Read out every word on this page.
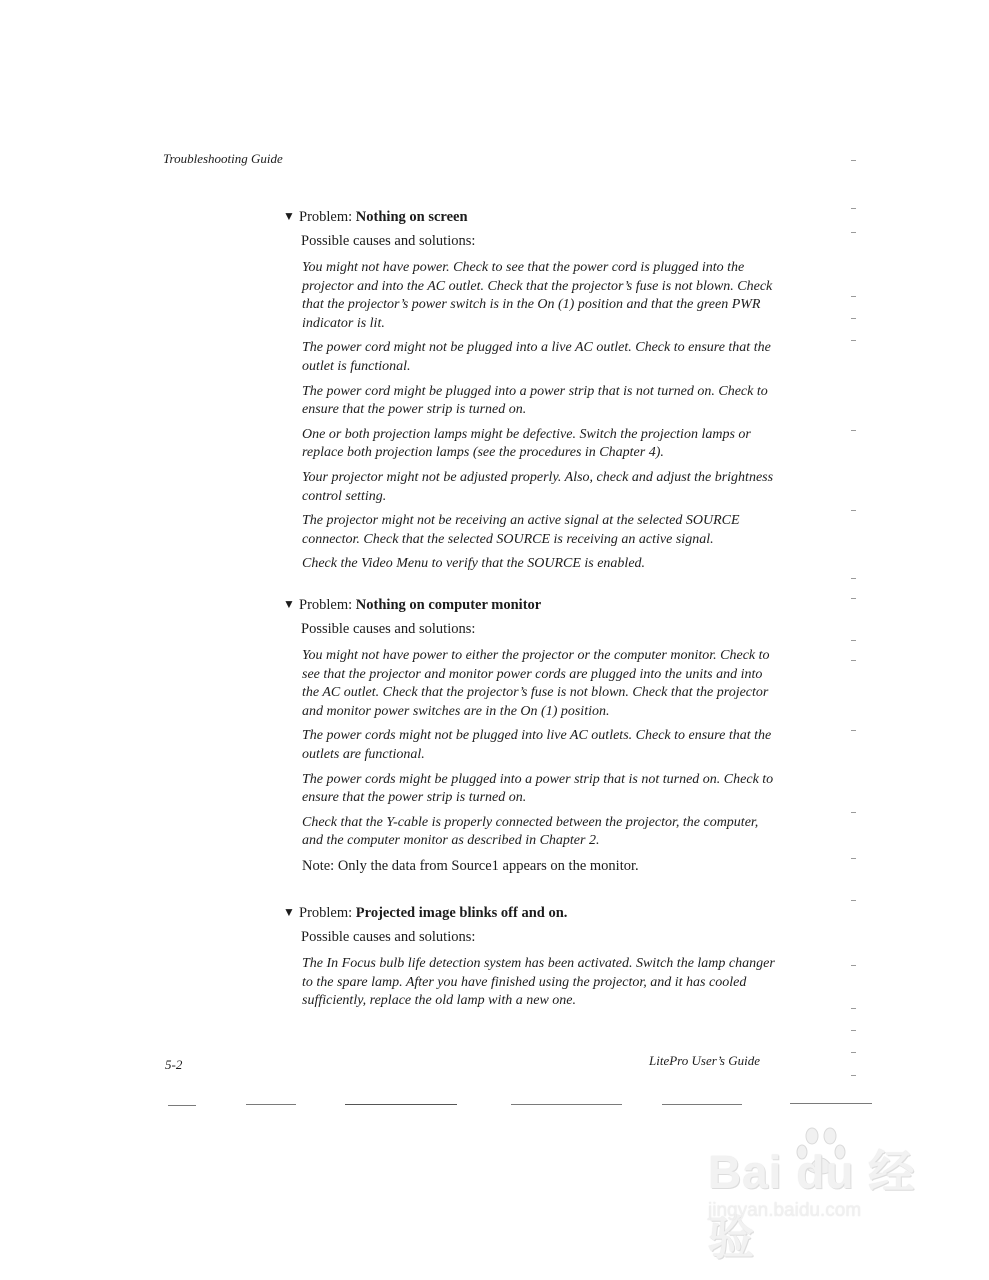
Troubleshooting Guide
▼ Problem: Nothing on screen
Possible causes and solutions:
You might not have power. Check to see that the power cord is plugged into the projector and into the AC outlet. Check that the projector’s fuse is not blown. Check that the projector’s power switch is in the On (1) position and that the green PWR indicator is lit.
The power cord might not be plugged into a live AC outlet. Check to ensure that the outlet is functional.
The power cord might be plugged into a power strip that is not turned on. Check to ensure that the power strip is turned on.
One or both projection lamps might be defective. Switch the projection lamps or replace both projection lamps (see the procedures in Chapter 4).
Your projector might not be adjusted properly. Also, check and adjust the brightness control setting.
The projector might not be receiving an active signal at the selected SOURCE connector. Check that the selected SOURCE is receiving an active signal.
Check the Video Menu to verify that the SOURCE is enabled.
▼ Problem: Nothing on computer monitor
Possible causes and solutions:
You might not have power to either the projector or the computer monitor. Check to see that the projector and monitor power cords are plugged into the units and into the AC outlet. Check that the projector’s fuse is not blown. Check that the projector and monitor power switches are in the On (1) position.
The power cords might not be plugged into live AC outlets. Check to ensure that the outlets are functional.
The power cords might be plugged into a power strip that is not turned on. Check to ensure that the power strip is turned on.
Check that the Y-cable is properly connected between the projector, the computer, and the computer monitor as described in Chapter 2.
Note: Only the data from Source1 appears on the monitor.
▼ Problem: Projected image blinks off and on.
Possible causes and solutions:
The In Focus bulb life detection system has been activated. Switch the lamp changer to the spare lamp. After you have finished using the projector, and it has cooled sufficiently, replace the old lamp with a new one.
5-2	LitePro User’s Guide
Bai du 经验
jingyan.baidu.com
